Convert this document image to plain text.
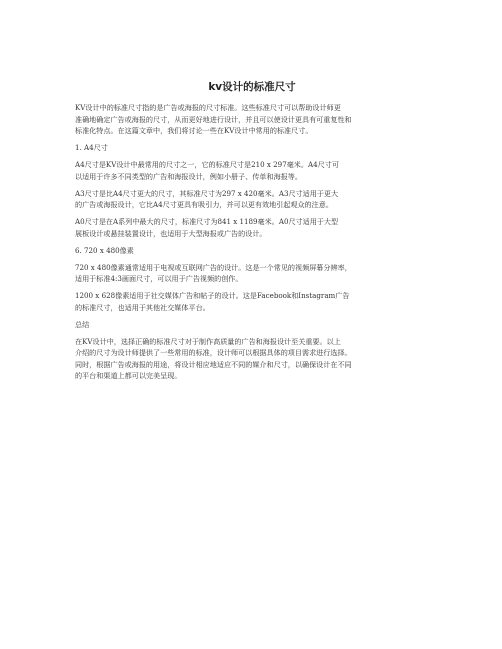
kv设计的标准尺寸

KV设计中的标准尺寸指的是广告或海报的尺寸标准。这些标准尺寸可以帮助设计师更
准确地确定广告或海报的尺寸，从而更好地进行设计，并且可以使设计更具有可重复性和
标准化特点。在这篇文章中，我们将讨论一些在KV设计中常用的标准尺寸。

1. A4尺寸

A4尺寸是KV设计中最常用的尺寸之一，它的标准尺寸是210 x 297毫米。A4尺寸可
以适用于许多不同类型的广告和海报设计，例如小册子、传单和海报等。

A3尺寸是比A4尺寸更大的尺寸，其标准尺寸为297 x 420毫米。A3尺寸适用于更大
的广告或海报设计，它比A4尺寸更具有吸引力，并可以更有效地引起观众的注意。

A0尺寸是在A系列中最大的尺寸，标准尺寸为841 x 1189毫米。A0尺寸适用于大型
展板设计或悬挂装置设计，也适用于大型海报或广告的设计。

6. 720 x 480像素

720 x 480像素通常适用于电视或互联网广告的设计。这是一个常见的视频屏幕分辨率，
适用于标准4:3画面尺寸，可以用于广告视频的创作。

1200 x 628像素适用于社交媒体广告和帖子的设计。这是Facebook和Instagram广告
的标准尺寸，也适用于其他社交媒体平台。

总结

在KV设计中，选择正确的标准尺寸对于制作高质量的广告和海报设计至关重要。以上
介绍的尺寸为设计师提供了一些常用的标准，设计师可以根据具体的项目需求进行选择。
同时，根据广告或海报的用途，将设计相应地适应不同的媒介和尺寸，以确保设计在不同
的平台和渠道上都可以完美呈现。
